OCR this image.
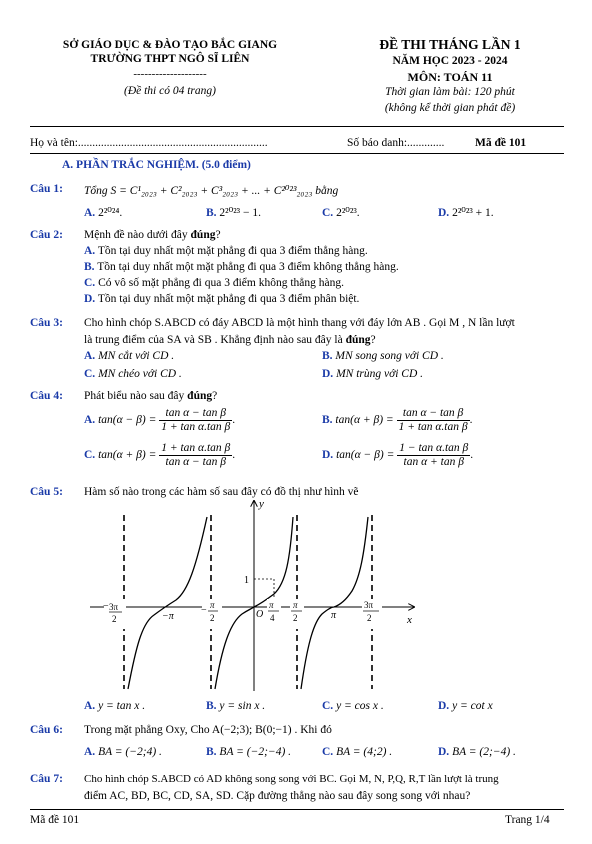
SỞ GIÁO DỤC & ĐÀO TẠO BẮC GIANG
TRƯỜNG THPT NGÔ SĨ LIÊN
--------------------
(Đề thi có 04 trang)
ĐỀ THI THÁNG LẦN 1
NĂM HỌC 2023 - 2024
MÔN: TOÁN 11
Thời gian làm bài: 120 phút
(không kể thời gian phát đề)
Họ và tên:..................................................................	Số báo danh:.............	Mã đề 101
A. PHẦN TRẮC NGHIỆM. (5.0 điểm)
Câu 1: Tổng S = C¹₂₀₂₃ + C²₂₀₂₃ + C³₂₀₂₃ + ... + C²⁰²³₂₀₂₃ bằng
A. 2²⁰²⁴.	B. 2²⁰²³ − 1.	C. 2²⁰²³.	D. 2²⁰²³ + 1.
Câu 2: Mệnh đề nào dưới đây đúng?
A. Tồn tại duy nhất một mặt phẳng đi qua 3 điểm thẳng hàng.
B. Tồn tại duy nhất một mặt phẳng đi qua 3 điểm không thẳng hàng.
C. Có vô số mặt phẳng đi qua 3 điểm không thẳng hàng.
D. Tồn tại duy nhất một mặt phẳng đi qua 3 điểm phân biệt.
Câu 3: Cho hình chóp S.ABCD có đáy ABCD là một hình thang với đáy lớn AB . Gọi M , N lần lượt
là trung điểm của SA và SB . Khẳng định nào sau đây là đúng?
A. MN cắt với CD .	B. MN song song với CD .
C. MN chéo với CD .	D. MN trùng với CD .
Câu 4: Phát biểu nào sau đây đúng?
A. $\tan(\alpha - \beta) = \frac{\text{tan α − tan β}}{\text{1 + tan α.tan β}}$ .	B. $\tan(\alpha + \beta) = \frac{\text{tan α − tan β}}{\text{1 + tan α.tan β}}$ .
C. $\tan(\alpha + \beta) = \frac{\text{1 + tan α.tan β}}{\text{tan α − tan β}}$ .	D. $\tan(\alpha - \beta) = \frac{\text{1 − tan α.tan β}}{\text{tan α + tan β}}$ .
Câu 5: Hàm số nào trong các hàm số sau đây có đồ thị như hình vẽ
y
x
1
O
− 3π
2	−π
− π
2
π
4
π
2	π
3π
2
A. y = tan x .	B. y = sin x .	C. y = cos x .	D. y = cot x
Câu 6: Trong mặt phẳng Oxy, Cho A(−2;3); B(0;−1) . Khi đó
A. BA = (−2;4) .	B. BA = (−2;−4) .	C. BA = (4;2) .	D. BA = (2;−4) .
Câu 7: Cho hình chóp S.ABCD có AD không song song với BC. Gọi M, N, P,Q, R,T lần lượt là trung
điểm AC, BD, BC, CD, SA, SD. Cặp đường thẳng nào sau đây song song với nhau?
Mã đề 101	Trang 1/4
